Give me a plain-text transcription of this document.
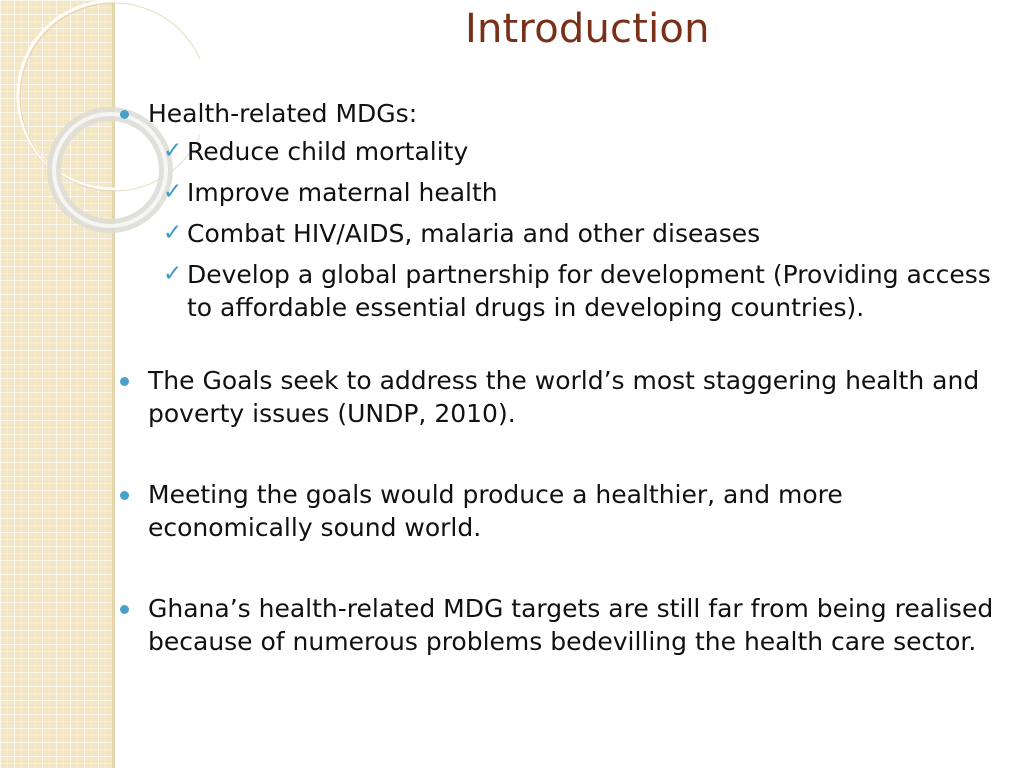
Introduction
Health-related MDGs:
✓ Reduce child mortality
✓ Improve maternal health
✓ Combat HIV/AIDS, malaria and other diseases
✓ Develop a global partnership for development (Providing access to affordable essential drugs in developing countries).
The Goals seek to address the world’s most staggering health and poverty issues (UNDP, 2010).
Meeting the goals would produce a healthier, and more economically sound world.
Ghana’s health-related MDG targets are still far from being realised because of numerous problems bedevilling the health care sector.
